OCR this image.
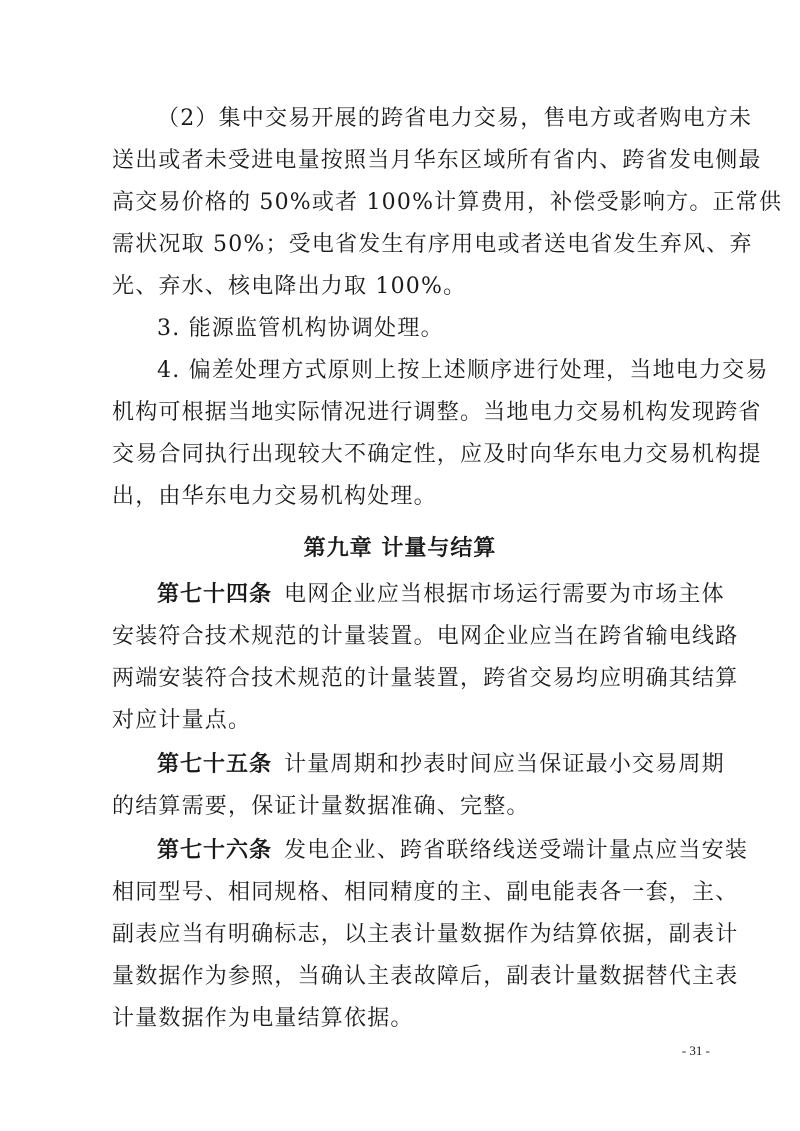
（2）集中交易开展的跨省电力交易，售电方或者购电方未
送出或者未受进电量按照当月华东区域所有省内、跨省发电侧最
高交易价格的 50%或者 100%计算费用，补偿受影响方。正常供
需状况取 50%；受电省发生有序用电或者送电省发生弃风、弃
光、弃水、核电降出力取 100%。
3. 能源监管机构协调处理。
4. 偏差处理方式原则上按上述顺序进行处理，当地电力交易
机构可根据当地实际情况进行调整。当地电力交易机构发现跨省
交易合同执行出现较大不确定性，应及时向华东电力交易机构提
出，由华东电力交易机构处理。
第九章 计量与结算
第七十四条 电网企业应当根据市场运行需要为市场主体
安装符合技术规范的计量装置。电网企业应当在跨省输电线路
两端安装符合技术规范的计量装置，跨省交易均应明确其结算
对应计量点。
第七十五条 计量周期和抄表时间应当保证最小交易周期
的结算需要，保证计量数据准确、完整。
第七十六条 发电企业、跨省联络线送受端计量点应当安装
相同型号、相同规格、相同精度的主、副电能表各一套，主、
副表应当有明确标志，以主表计量数据作为结算依据，副表计
量数据作为参照，当确认主表故障后，副表计量数据替代主表
计量数据作为电量结算依据。
- 31 -
